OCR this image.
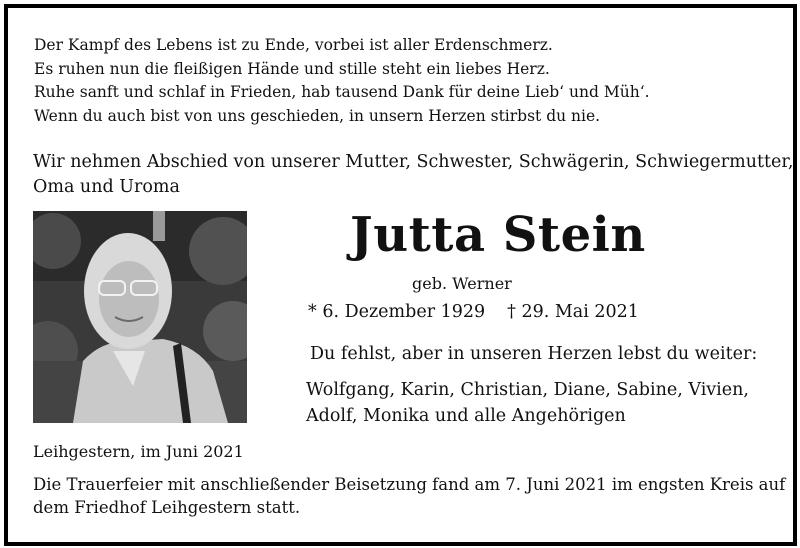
Der Kampf des Lebens ist zu Ende, vorbei ist aller Erdenschmerz.
Es ruhen nun die fleißigen Hände und stille steht ein liebes Herz.
Ruhe sanft und schlaf in Frieden, hab tausend Dank für deine Lieb‘ und Müh‘.
Wenn du auch bist von uns geschieden, in unsern Herzen stirbst du nie.
Wir nehmen Abschied von unserer Mutter, Schwester, Schwägerin, Schwiegermutter,
Oma und Uroma
Jutta Stein
geb. Werner
* 6. Dezember 1929 † 29. Mai 2021
Du fehlst, aber in unseren Herzen lebst du weiter:
Wolfgang, Karin, Christian, Diane, Sabine, Vivien,
Adolf, Monika und alle Angehörigen
Leihgestern, im Juni 2021
Die Trauerfeier mit anschließender Beisetzung fand am 7. Juni 2021 im engsten Kreis auf
dem Friedhof Leihgestern statt.
